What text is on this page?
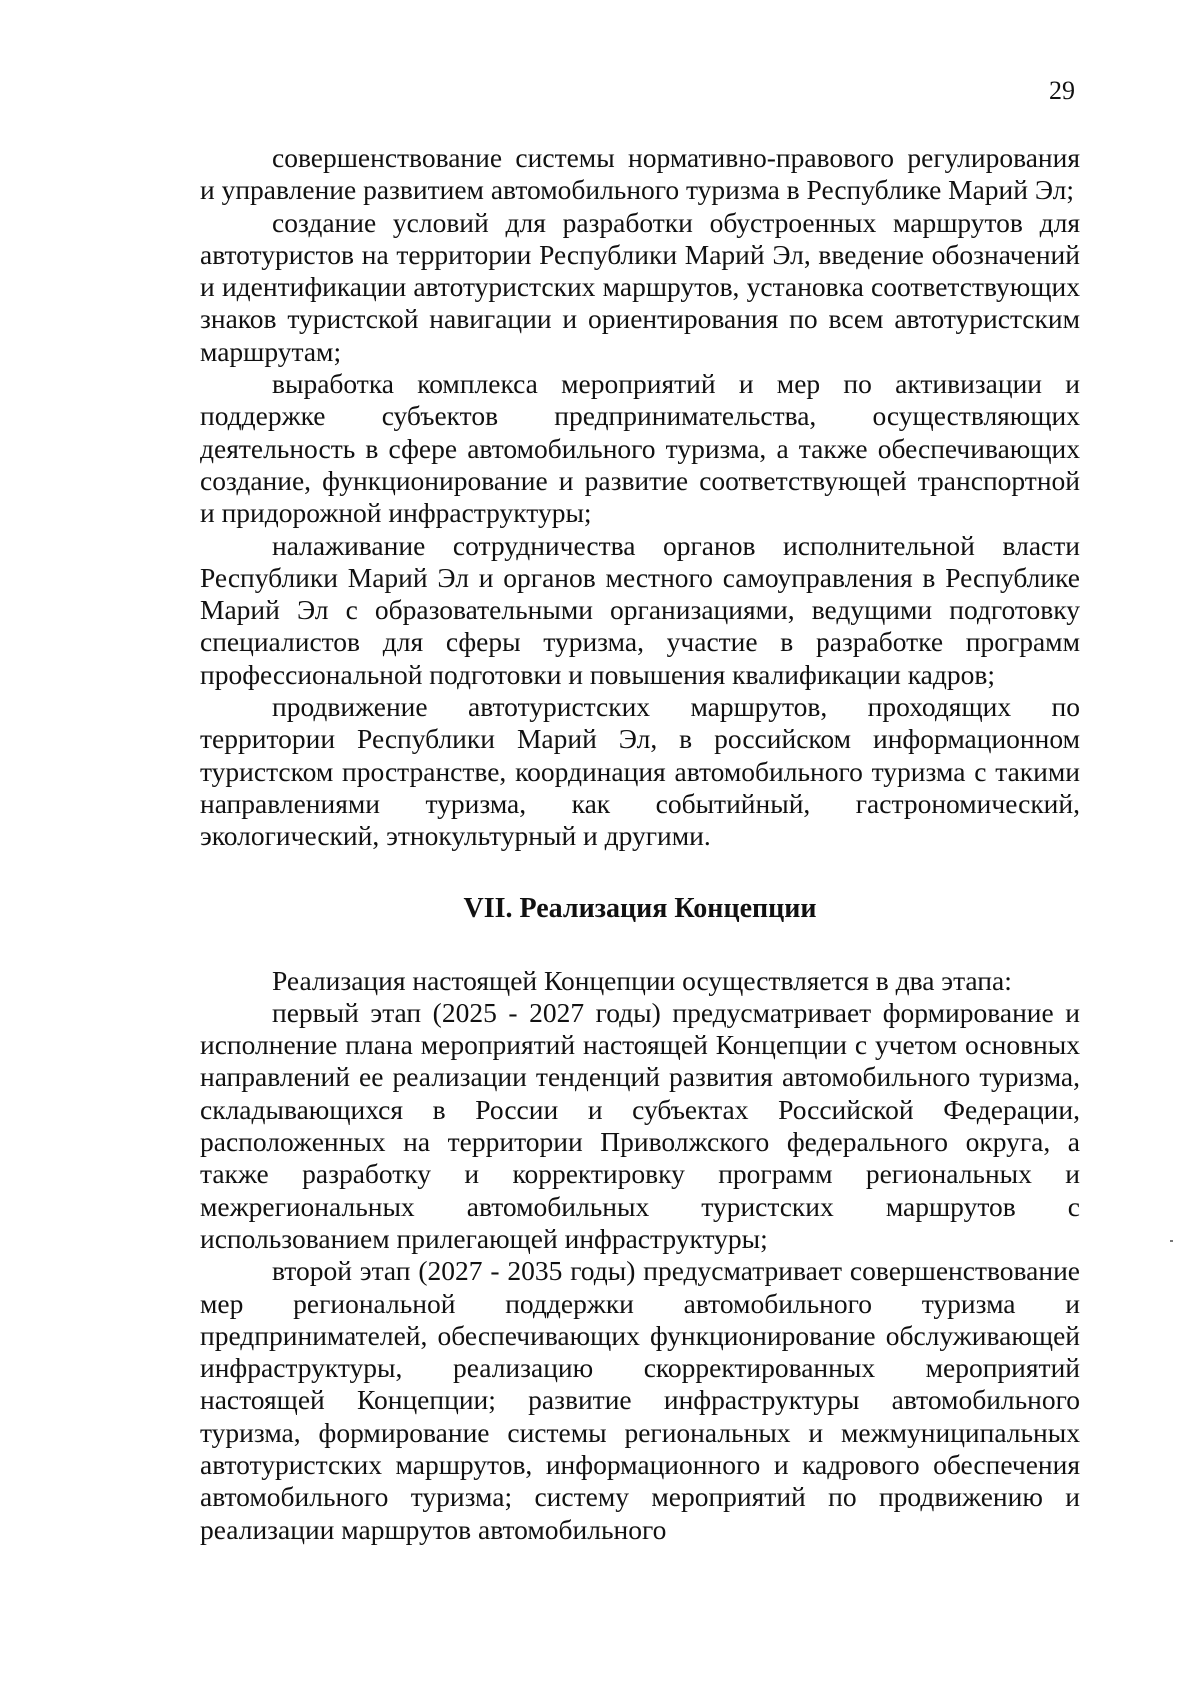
29

совершенствование системы нормативно-правового регулирования и управление развитием автомобильного туризма в Республике Марий Эл;

создание условий для разработки обустроенных маршрутов для автотуристов на территории Республики Марий Эл, введение обозначений и идентификации автотуристских маршрутов, установка соответствующих знаков туристской навигации и ориентирования по всем автотуристским маршрутам;

выработка комплекса мероприятий и мер по активизации и поддержке субъектов предпринимательства, осуществляющих деятельность в сфере автомобильного туризма, а также обеспечивающих создание, функционирование и развитие соответствующей транспортной и придорожной инфраструктуры;

налаживание сотрудничества органов исполнительной власти Республики Марий Эл и органов местного самоуправления в Республике Марий Эл с образовательными организациями, ведущими подготовку специалистов для сферы туризма, участие в разработке программ профессиональной подготовки и повышения квалификации кадров;

продвижение автотуристских маршрутов, проходящих по территории Республики Марий Эл, в российском информационном туристском пространстве, координация автомобильного туризма с такими направлениями туризма, как событийный, гастрономический, экологический, этнокультурный и другими.

VII. Реализация Концепции

Реализация настоящей Концепции осуществляется в два этапа:

первый этап (2025 - 2027 годы) предусматривает формирование и исполнение плана мероприятий настоящей Концепции с учетом основных направлений ее реализации тенденций развития автомобильного туризма, складывающихся в России и субъектах Российской Федерации, расположенных на территории Приволжского федерального округа, а также разработку и корректировку программ региональных и межрегиональных автомобильных туристских маршрутов с использованием прилегающей инфраструктуры;

второй этап (2027 - 2035 годы) предусматривает совершенствование мер региональной поддержки автомобильного туризма и предпринимателей, обеспечивающих функционирование обслуживающей инфраструктуры, реализацию скорректированных мероприятий настоящей Концепции; развитие инфраструктуры автомобильного туризма, формирование системы региональных и межмуниципальных автотуристских маршрутов, информационного и кадрового обеспечения автомобильного туризма; систему мероприятий по продвижению и реализации маршрутов автомобильного
